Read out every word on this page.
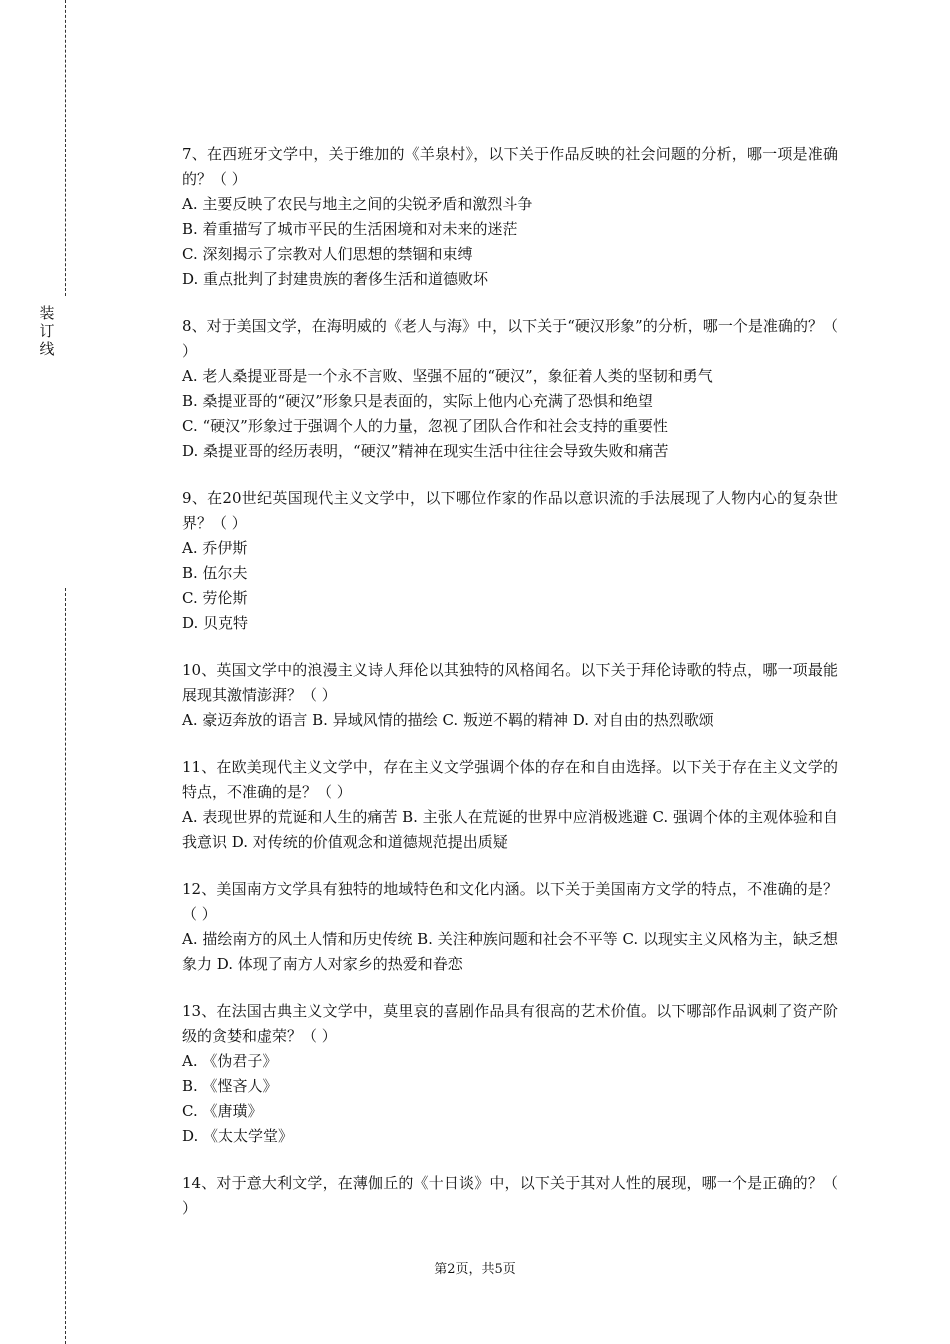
装订线

7、在西班牙文学中，关于维加的《羊泉村》，以下关于作品反映的社会问题的分析，哪一项是准确的？（ ）

A. 主要反映了农民与地主之间的尖锐矛盾和激烈斗争

B. 着重描写了城市平民的生活困境和对未来的迷茫

C. 深刻揭示了宗教对人们思想的禁锢和束缚

D. 重点批判了封建贵族的奢侈生活和道德败坏

8、对于美国文学，在海明威的《老人与海》中，以下关于“硬汉形象”的分析，哪一个是准确的？（ ）

A. 老人桑提亚哥是一个永不言败、坚强不屈的“硬汉”，象征着人类的坚韧和勇气

B. 桑提亚哥的“硬汉”形象只是表面的，实际上他内心充满了恐惧和绝望

C. “硬汉”形象过于强调个人的力量，忽视了团队合作和社会支持的重要性

D. 桑提亚哥的经历表明，“硬汉”精神在现实生活中往往会导致失败和痛苦

9、在20世纪英国现代主义文学中，以下哪位作家的作品以意识流的手法展现了人物内心的复杂世界？（ ）

A. 乔伊斯

B. 伍尔夫

C. 劳伦斯

D. 贝克特

10、英国文学中的浪漫主义诗人拜伦以其独特的风格闻名。以下关于拜伦诗歌的特点，哪一项最能展现其激情澎湃？（ ）

A. 豪迈奔放的语言 B. 异域风情的描绘 C. 叛逆不羁的精神 D. 对自由的热烈歌颂

11、在欧美现代主义文学中，存在主义文学强调个体的存在和自由选择。以下关于存在主义文学的特点，不准确的是？（ ）

A. 表现世界的荒诞和人生的痛苦 B. 主张人在荒诞的世界中应消极逃避 C. 强调个体的主观体验和自我意识 D. 对传统的价值观念和道德规范提出质疑

12、美国南方文学具有独特的地域特色和文化内涵。以下关于美国南方文学的特点，不准确的是？（ ）

A. 描绘南方的风土人情和历史传统 B. 关注种族问题和社会不平等 C. 以现实主义风格为主，缺乏想象力 D. 体现了南方人对家乡的热爱和眷恋

13、在法国古典主义文学中，莫里哀的喜剧作品具有很高的艺术价值。以下哪部作品讽刺了资产阶级的贪婪和虚荣？（ ）

A. 《伪君子》

B. 《悭吝人》

C. 《唐璜》

D. 《太太学堂》

14、对于意大利文学，在薄伽丘的《十日谈》中，以下关于其对人性的展现，哪一个是正确的？（ ）

第2页，共5页
